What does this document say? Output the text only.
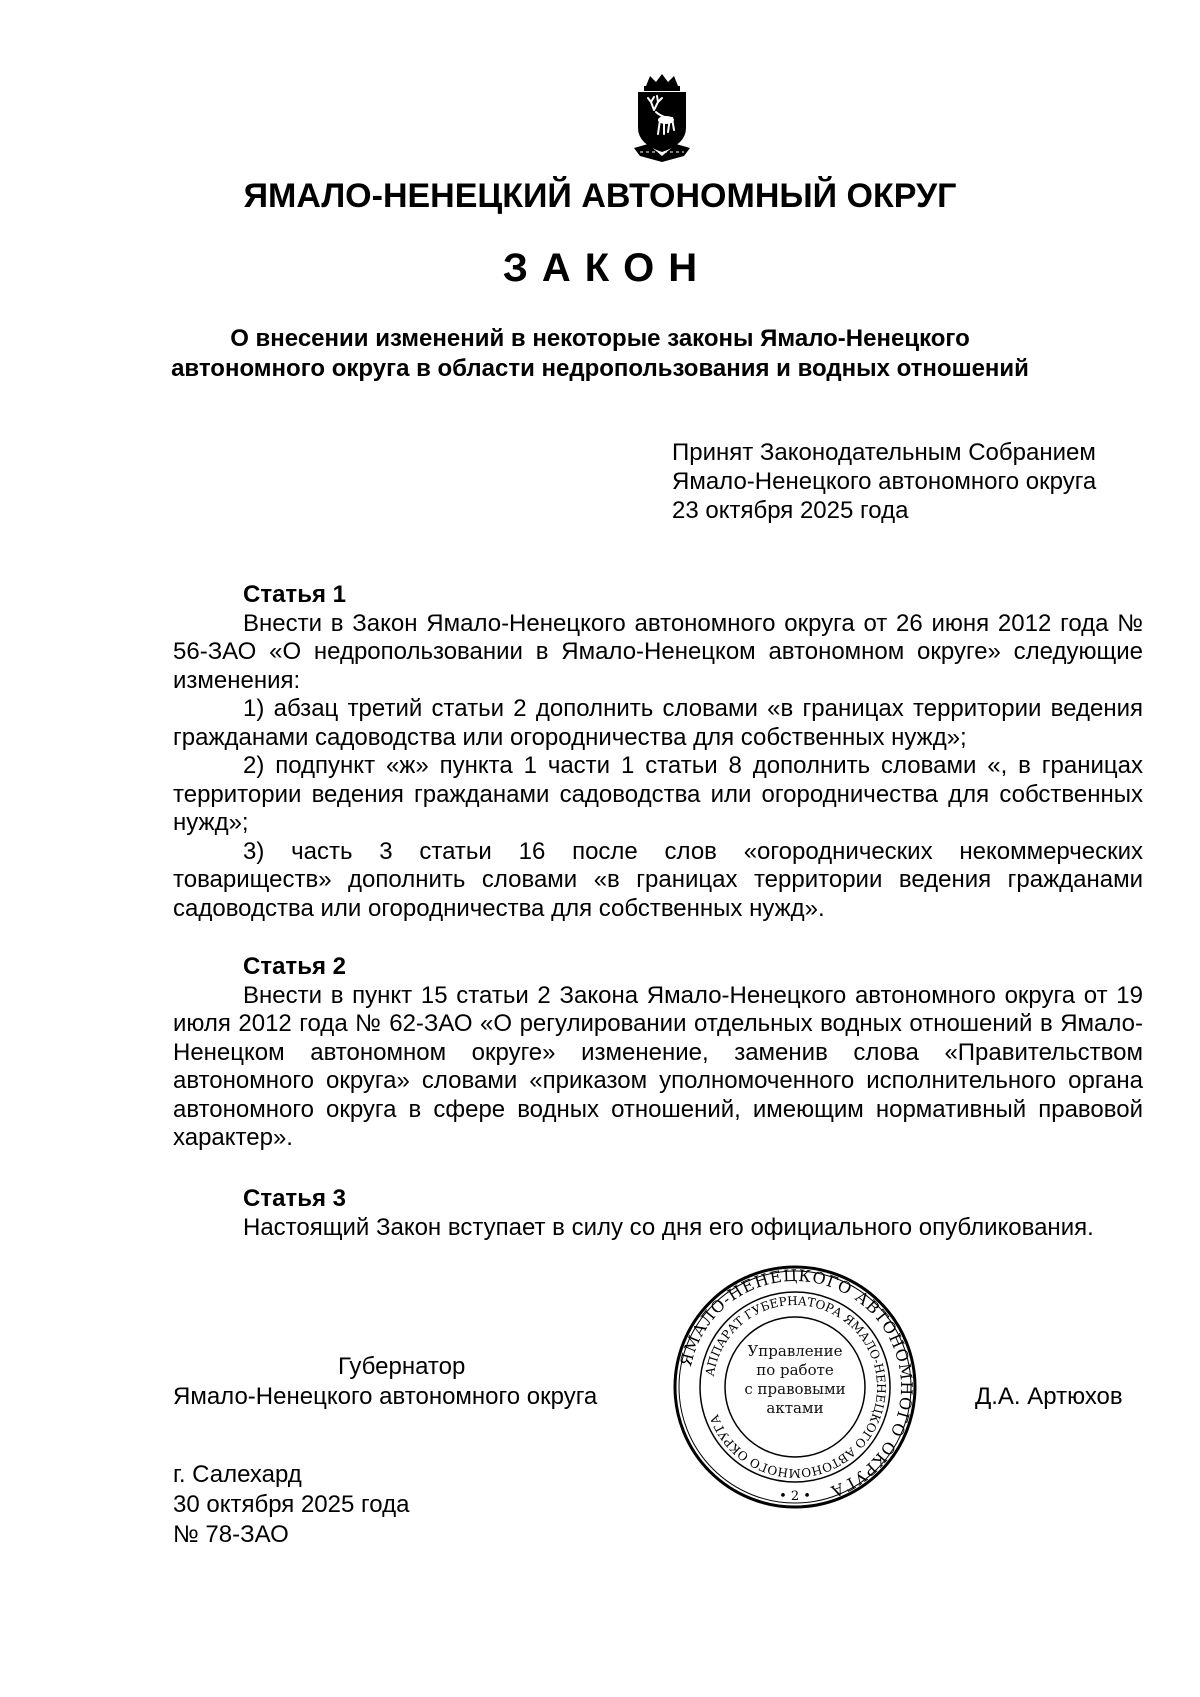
ЯМАЛО-НЕНЕЦКИЙ АВТОНОМНЫЙ ОКРУГ
ЗАКОН
О внесении изменений в некоторые законы Ямало-Ненецкого
автономного округа в области недропользования и водных отношений
Принят Законодательным Собранием
Ямало-Ненецкого автономного округа
23 октября 2025 года
Статья 1

Внести в Закон Ямало-Ненецкого автономного округа от 26 июня 2012 года № 56-ЗАО «О недропользовании в Ямало-Ненецком автономном округе» следующие изменения:

1) абзац третий статьи 2 дополнить словами «в границах территории ведения гражданами садоводства или огородничества для собственных нужд»;

2) подпункт «ж» пункта 1 части 1 статьи 8 дополнить словами «, в границах территории ведения гражданами садоводства или огородничества для собственных нужд»;

3) часть 3 статьи 16 после слов «огороднических некоммерческих товариществ» дополнить словами «в границах территории ведения гражданами садоводства или огородничества для собственных нужд».

Статья 2

Внести в пункт 15 статьи 2 Закона Ямало-Ненецкого автономного округа от 19 июля 2012 года № 62-ЗАО «О регулировании отдельных водных отношений в Ямало-Ненецком автономном округе» изменение, заменив слова «Правительством автономного округа» словами «приказом уполномоченного исполнительного органа автономного округа в сфере водных отношений, имеющим нормативный правовой характер».

Статья 3

Настоящий Закон вступает в силу со дня его официального опубликования.

Губернатор
Ямало-Ненецкого автономного округа
ЯМАЛО-НЕНЕЦКОГО АВТОНОМНОГО ОКРУГА
АППАРАТ ГУБЕРНАТОРА ЯМАЛО-НЕНЕЦКОГО АВТОНОМНОГО ОКРУГА
• 2 •
Управление
по работе
с правовыми
актами	Д.А. Артюхов
г. Салехард
30 октября 2025 года
№ 78-ЗАО
